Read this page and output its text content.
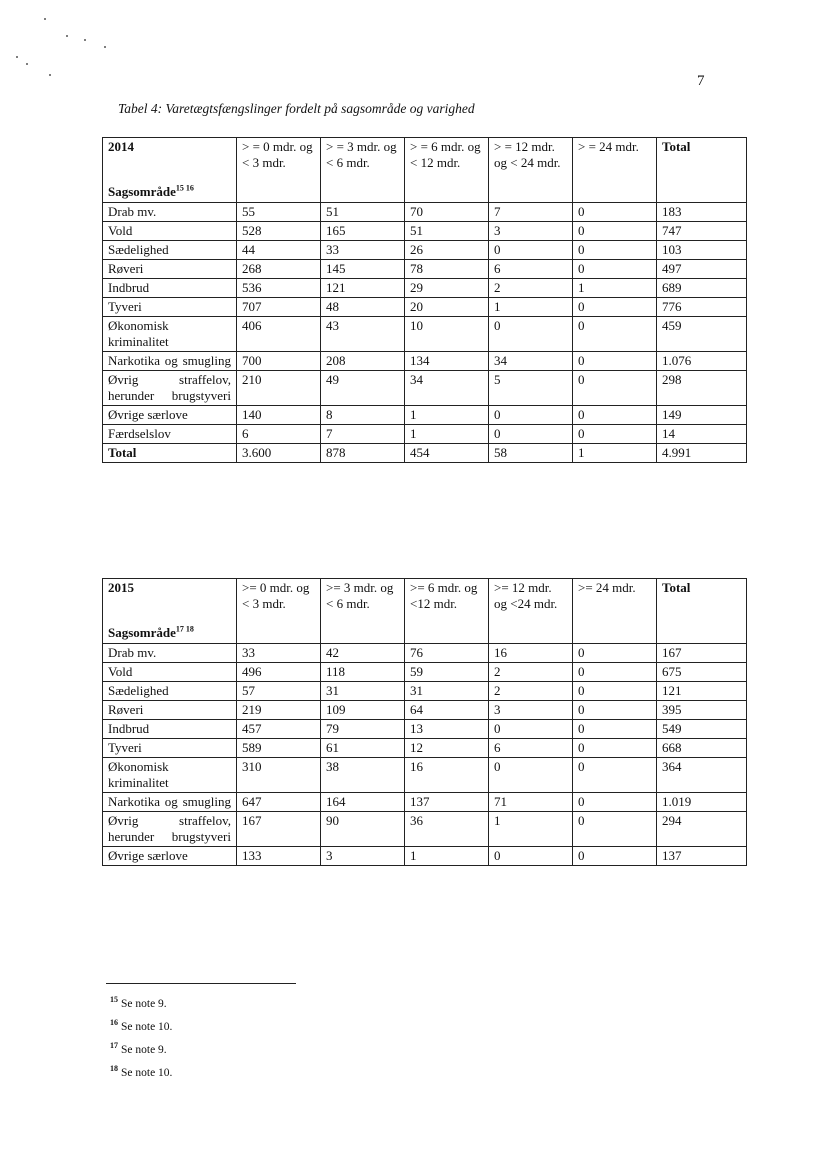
7
Tabel 4: Varetægtsfængslinger fordelt på sagsområde og varighed
2014
Sagsområde$^{15 16}$	> = 0 mdr. og < 3 mdr.	> = 3 mdr. og < 6 mdr.	> = 6 mdr. og < 12 mdr.	> = 12 mdr. og < 24 mdr.	> = 24 mdr.	Total
Drab mv.	55	51	70	7	0	183
Vold	528	165	51	3	0	747
Sædelighed	44	33	26	0	0	103
Røveri	268	145	78	6	0	497
Indbrud	536	121	29	2	1	689
Tyveri	707	48	20	1	0	776
Økonomisk kriminalitet	406	43	10	0	0	459
Narkotika og smugling	700	208	134	34	0	1.076
Øvrig straffelov, herunder brugstyveri	210	49	34	5	0	298
Øvrige særlove	140	8	1	0	0	149
Færdselslov	6	7	1	0	0	14
Total	3.600	878	454	58	1	4.991
2015
Sagsområde$^{17 18}$	>= 0 mdr. og < 3 mdr.	>= 3 mdr. og < 6 mdr.	>= 6 mdr. og <12 mdr.	>= 12 mdr. og <24 mdr.	>= 24 mdr.	Total
Drab mv.	33	42	76	16	0	167
Vold	496	118	59	2	0	675
Sædelighed	57	31	31	2	0	121
Røveri	219	109	64	3	0	395
Indbrud	457	79	13	0	0	549
Tyveri	589	61	12	6	0	668
Økonomisk kriminalitet	310	38	16	0	0	364
Narkotika og smugling	647	164	137	71	0	1.019
Øvrig straffelov, herunder brugstyveri	167	90	36	1	0	294
Øvrige særlove	133	3	1	0	0	137
$^{15}$ Se note 9.
$^{16}$ Se note 10.
$^{17}$ Se note 9.
$^{18}$ Se note 10.
